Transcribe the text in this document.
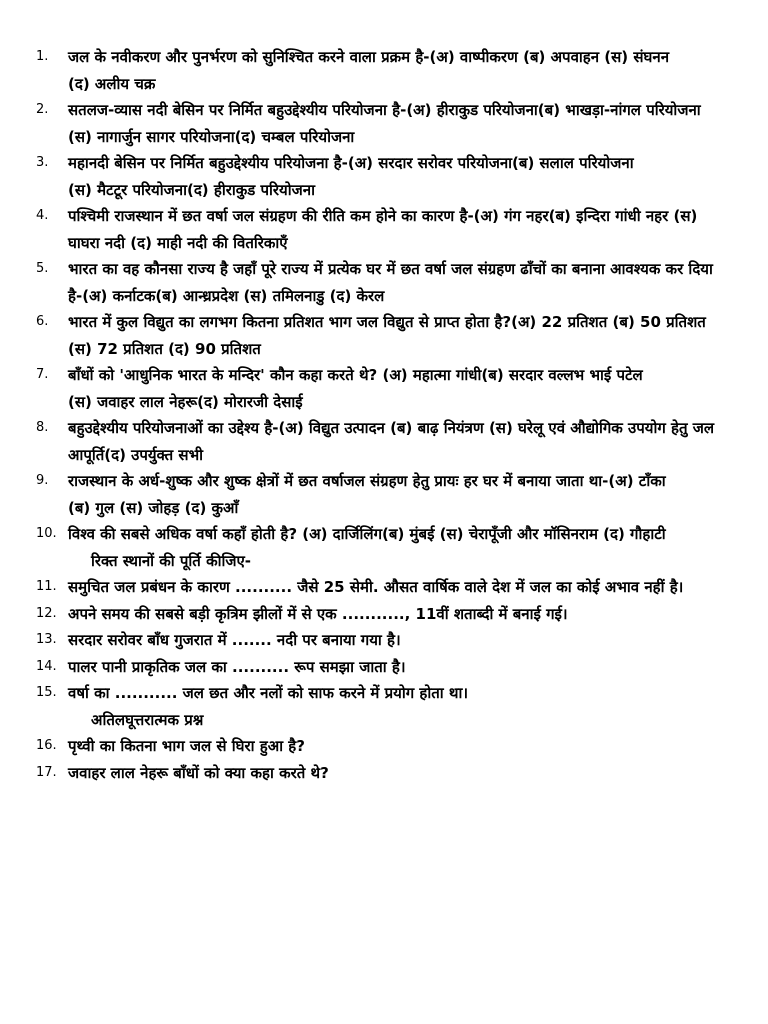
1.	जल के नवीकरण और पुनर्भरण को सुनिश्चित करने वाला प्रक्रम है-(अ) वाष्पीकरण (ब) अपवाहन (स) संघनन

(द) अलीय चक्र

2.	सतलज-व्यास नदी बेसिन पर निर्मित बहुउद्देश्यीय परियोजना है-(अ) हीराकुड परियोजना(ब) भाखड़ा-नांगल परियोजना (स) नागार्जुन सागर परियोजना(द) चम्बल परियोजना

3.	महानदी बेसिन पर निर्मित बहुउद्देश्यीय परियोजना है-(अ) सरदार सरोवर परियोजना(ब) सलाल परियोजना

(स) मैटटूर परियोजना(द) हीराकुड परियोजना

4.	पश्चिमी राजस्थान में छत वर्षा जल संग्रहण की रीति कम होने का कारण है-(अ) गंग नहर(ब) इन्दिरा गांधी नहर (स) घाघरा नदी (द) माही नदी की वितरिकाएँ

5.	भारत का वह कौनसा राज्य है जहाँ पूरे राज्य में प्रत्येक घर में छत वर्षा जल संग्रहण ढाँचों का बनाना आवश्यक कर दिया है-(अ) कर्नाटक(ब) आन्ध्रप्रदेश (स) तमिलनाडु (द) केरल

6.	भारत में कुल विद्युत का लगभग कितना प्रतिशत भाग जल विद्युत से प्राप्त होता है?(अ) 22 प्रतिशत (ब) 50 प्रतिशत

(स) 72 प्रतिशत (द) 90 प्रतिशत

7.	बाँधों को 'आधुनिक भारत के मन्दिर' कौन कहा करते थे? (अ) महात्मा गांधी(ब) सरदार वल्लभ भाई पटेल

(स) जवाहर लाल नेहरू(द) मोरारजी देसाई

8.	बहुउद्देश्यीय परियोजनाओं का उद्देश्य है-(अ) विद्युत उत्पादन (ब) बाढ़ नियंत्रण (स) घरेलू एवं औद्योगिक उपयोग हेतु जल आपूर्ति(द) उपर्युक्त सभी

9.	राजस्थान के अर्ध-शुष्क और शुष्क क्षेत्रों में छत वर्षाजल संग्रहण हेतु प्रायः हर घर में बनाया जाता था-(अ) टाँका

(ब) गुल (स) जोहड़ (द) कुआँ

10. विश्व की सबसे अधिक वर्षा कहाँ होती है? (अ) दार्जिलिंग(ब) मुंबई (स) चेरापूँजी और मॉसिनराम (द) गौहाटी

रिक्त स्थानों की पूर्ति कीजिए-
11. समुचित जल प्रबंधन के कारण .......... जैसे 25 सेमी. औसत वार्षिक वाले देश में जल का कोई अभाव नहीं है।

12. अपने समय की सबसे बड़ी कृत्रिम झीलों में से एक ..........., 11वीं शताब्दी में बनाई गई।

13. सरदार सरोवर बाँध गुजरात में ....... नदी पर बनाया गया है।

14. पालर पानी प्राकृतिक जल का .......... रूप समझा जाता है।

15. वर्षा का ........... जल छत और नलों को साफ करने में प्रयोग होता था।

अतिलघूत्तरात्मक प्रश्न
16. पृथ्वी का कितना भाग जल से घिरा हुआ है?

17. जवाहर लाल नेहरू बाँधों को क्या कहा करते थे?
